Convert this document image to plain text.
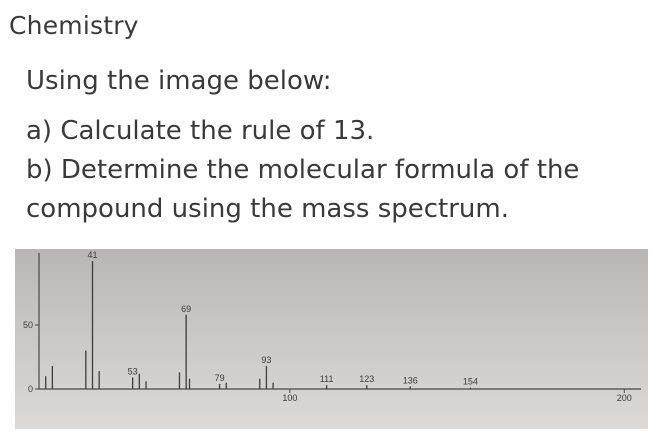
Chemistry

Using the image below:

a) Calculate the rule of 13.

b) Determine the molecular formula of the compound using the mass spectrum.

0
50
100	200
41
53
69
79
93
111	123	136	154
